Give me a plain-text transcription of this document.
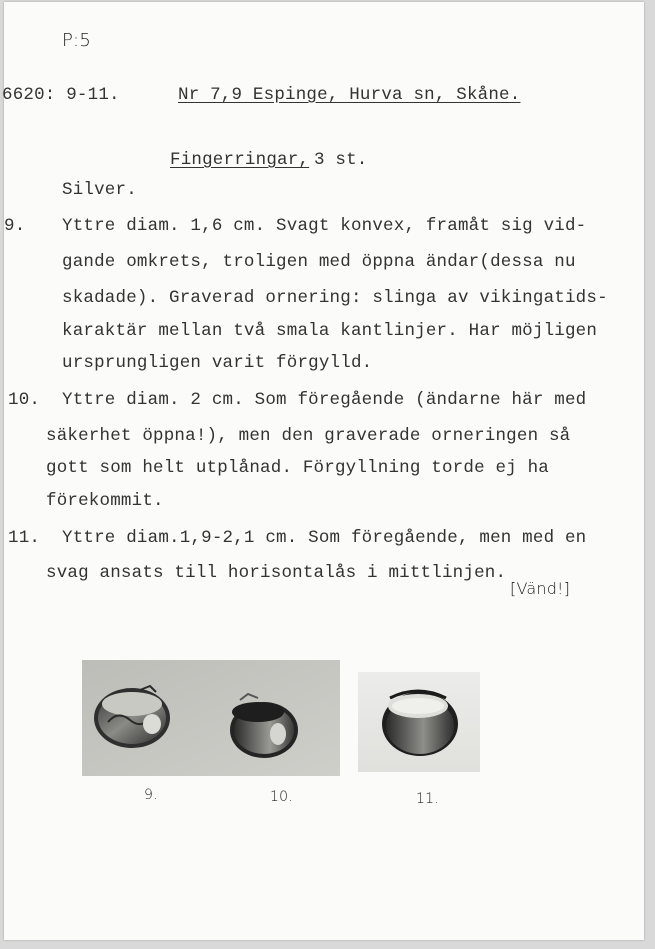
P:5
6620: 9-11.	Nr 7,9 Espinge, Hurva sn, Skåne.
Fingerringar, 3 st.
Silver.
9. Yttre diam. 1,6 cm. Svagt konvex, framåt sig vid-
gande omkrets, troligen med öppna ändar(dessa nu
skadade). Graverad ornering: slinga av vikingatids-
karaktär mellan två smala kantlinjer. Har möjligen
ursprungligen varit förgylld.
10. Yttre diam. 2 cm. Som föregående (ändarne här med
säkerhet öppna!), men den graverade orneringen så
gott som helt utplånad. Förgyllning torde ej ha
förekommit.
11. Yttre diam.1,9-2,1 cm. Som föregående, men med en
svag ansats till horisontalås i mittlinjen.
[Vänd!]
9.	10.	11.
